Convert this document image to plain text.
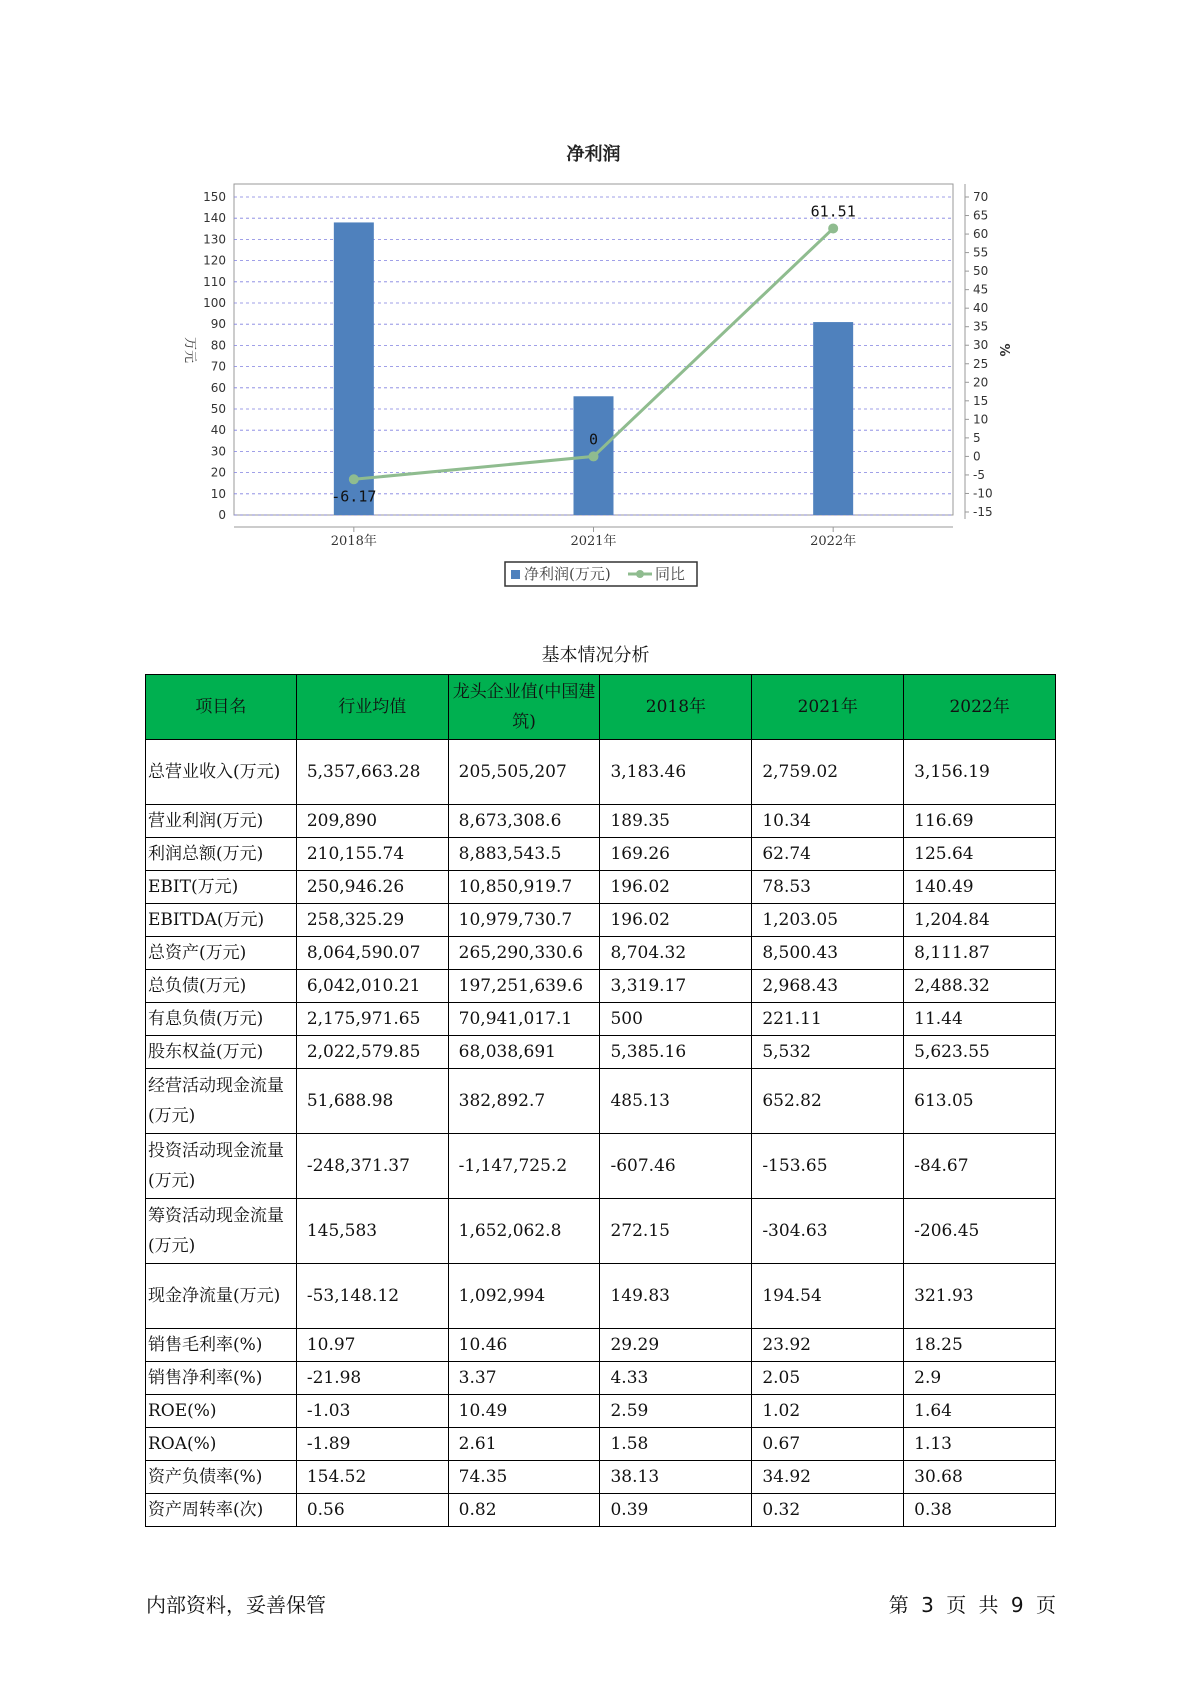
净利润
0
10
20
30
40
50
60
70
80
90
100
110
120
130
140
150
-15
-10
-5
0
5
10
15
20
25
30
35
40
45
50
55
60
65
70
万元	%
2018年	2021年	2022年
-6.17
0
61.51
净利润(万元)	同比
基本情况分析
项目名	行业均值	龙头企业值(中国建筑)	2018年	2021年	2022年
总营业收入(万元)	5,357,663.28	205,505,207	3,183.46	2,759.02	3,156.19
营业利润(万元)	209,890	8,673,308.6	189.35	10.34	116.69
利润总额(万元)	210,155.74	8,883,543.5	169.26	62.74	125.64
EBIT(万元)	250,946.26	10,850,919.7	196.02	78.53	140.49
EBITDA(万元)	258,325.29	10,979,730.7	196.02	1,203.05	1,204.84
总资产(万元)	8,064,590.07	265,290,330.6	8,704.32	8,500.43	8,111.87
总负债(万元)	6,042,010.21	197,251,639.6	3,319.17	2,968.43	2,488.32
有息负债(万元)	2,175,971.65	70,941,017.1	500	221.11	11.44
股东权益(万元)	2,022,579.85	68,038,691	5,385.16	5,532	5,623.55
经营活动现金流量(万元)	51,688.98	382,892.7	485.13	652.82	613.05
投资活动现金流量(万元)	-248,371.37	-1,147,725.2	-607.46	-153.65	-84.67
筹资活动现金流量(万元)	145,583	1,652,062.8	272.15	-304.63	-206.45
现金净流量(万元)	-53,148.12	1,092,994	149.83	194.54	321.93
销售毛利率(%)	10.97	10.46	29.29	23.92	18.25
销售净利率(%)	-21.98	3.37	4.33	2.05	2.9
ROE(%)	-1.03	10.49	2.59	1.02	1.64
ROA(%)	-1.89	2.61	1.58	0.67	1.13
资产负债率(%)	154.52	74.35	38.13	34.92	30.68
资产周转率(次)	0.56	0.82	0.39	0.32	0.38
内部资料，妥善保管	第 3 页 共 9 页
